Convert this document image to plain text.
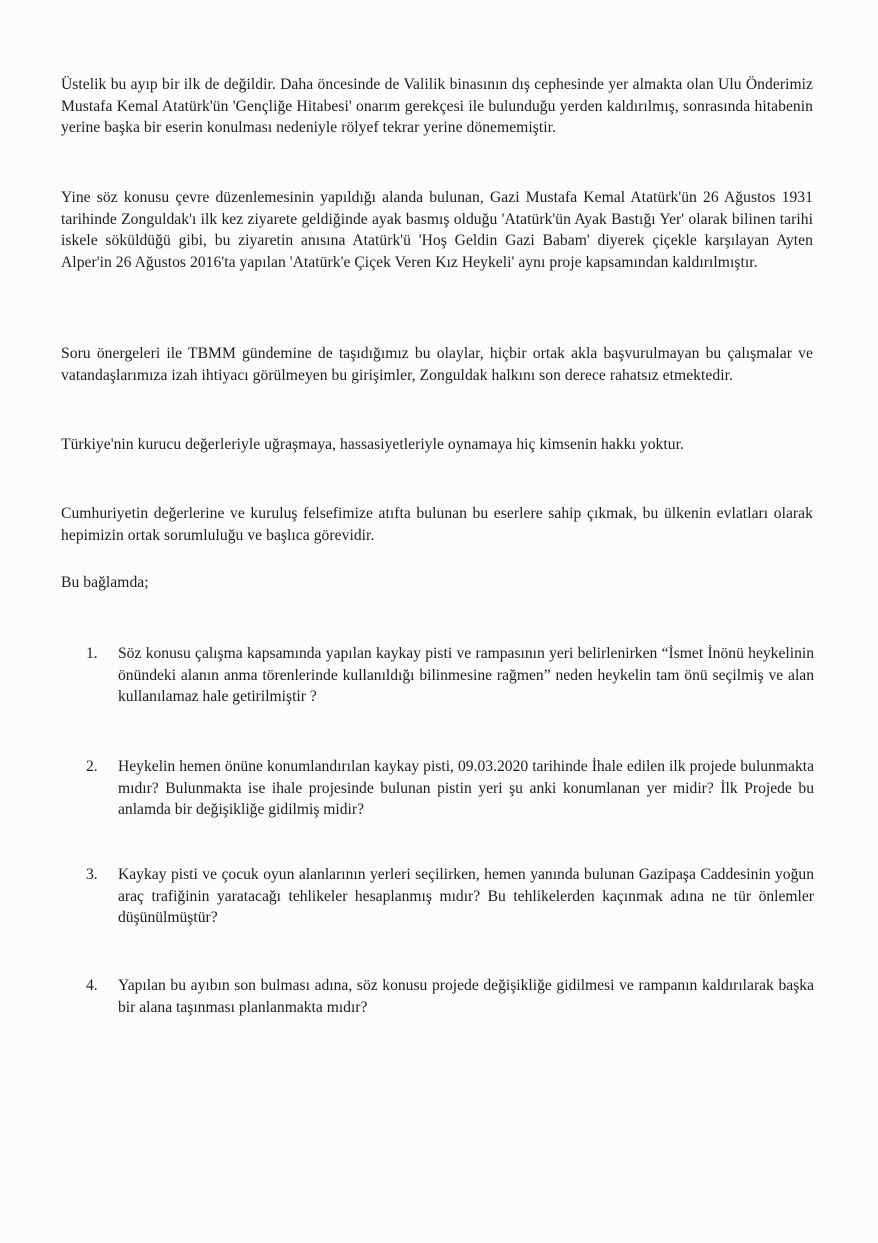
Üstelik bu ayıp bir ilk de değildir. Daha öncesinde de Valilik binasının dış cephesinde yer almakta olan Ulu Önderimiz Mustafa Kemal Atatürk'ün 'Gençliğe Hitabesi' onarım gerekçesi ile bulunduğu yerden kaldırılmış, sonrasında hitabenin yerine başka bir eserin konulması nedeniyle rölyef tekrar yerine dönememiştir.

Yine söz konusu çevre düzenlemesinin yapıldığı alanda bulunan, Gazi Mustafa Kemal Atatürk'ün 26 Ağustos 1931 tarihinde Zonguldak'ı ilk kez ziyarete geldiğinde ayak basmış olduğu 'Atatürk'ün Ayak Bastığı Yer' olarak bilinen tarihi iskele söküldüğü gibi, bu ziyaretin anısına Atatürk'ü 'Hoş Geldin Gazi Babam' diyerek çiçekle karşılayan Ayten Alper'in 26 Ağustos 2016'ta yapılan 'Atatürk'e Çiçek Veren Kız Heykeli' aynı proje kapsamından kaldırılmıştır.

Soru önergeleri ile TBMM gündemine de taşıdığımız bu olaylar, hiçbir ortak akla başvurulmayan bu çalışmalar ve vatandaşlarımıza izah ihtiyacı görülmeyen bu girişimler, Zonguldak halkını son derece rahatsız etmektedir.

Türkiye'nin kurucu değerleriyle uğraşmaya, hassasiyetleriyle oynamaya hiç kimsenin hakkı yoktur.

Cumhuriyetin değerlerine ve kuruluş felsefimize atıfta bulunan bu eserlere sahip çıkmak, bu ülkenin evlatları olarak hepimizin ortak sorumluluğu ve başlıca görevidir.

Bu bağlamda;

1.	Söz konusu çalışma kapsamında yapılan kaykay pisti ve rampasının yeri belirlenirken “İsmet İnönü heykelinin önündeki alanın anma törenlerinde kullanıldığı bilinmesine rağmen” neden heykelin tam önü seçilmiş ve alan kullanılamaz hale getirilmiştir ?
2.	Heykelin hemen önüne konumlandırılan kaykay pisti, 09.03.2020 tarihinde İhale edilen ilk projede bulunmakta mıdır? Bulunmakta ise ihale projesinde bulunan pistin yeri şu anki konumlanan yer midir? İlk Projede bu anlamda bir değişikliğe gidilmiş midir?
3.	Kaykay pisti ve çocuk oyun alanlarının yerleri seçilirken, hemen yanında bulunan Gazipaşa Caddesinin yoğun araç trafiğinin yaratacağı tehlikeler hesaplanmış mıdır? Bu tehlikelerden kaçınmak adına ne tür önlemler düşünülmüştür?
4.	Yapılan bu ayıbın son bulması adına, söz konusu projede değişikliğe gidilmesi ve rampanın kaldırılarak başka bir alana taşınması planlanmakta mıdır?
